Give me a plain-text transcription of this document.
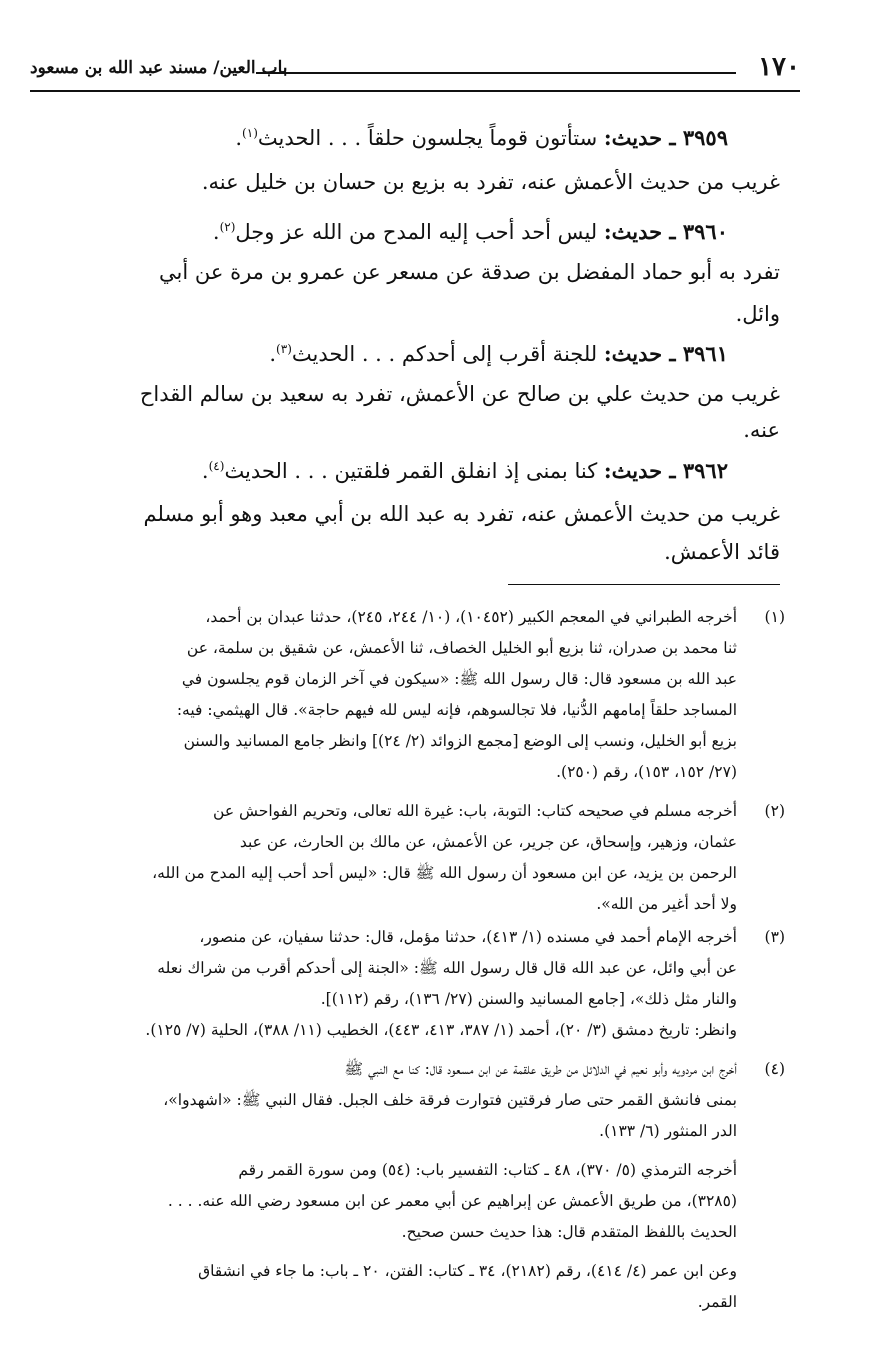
١٧٠
باب العين/ مسند عبد الله بن مسعود
٣٩٥٩ ـ حديث: ستأتون قوماً يجلسون حلقاً . . . الحديث$^{(١)}$.
غريب من حديث الأعمش عنه، تفرد به بزيع بن حسان بن خليل عنه.
٣٩٦٠ ـ حديث: ليس أحد أحب إليه المدح من الله عز وجل$^{(٢)}$.
تفرد به أبو حماد المفضل بن صدقة عن مسعر عن عمرو بن مرة عن أبي
وائل.
٣٩٦١ ـ حديث: للجنة أقرب إلى أحدكم . . . الحديث$^{(٣)}$.
غريب من حديث علي بن صالح عن الأعمش، تفرد به سعيد بن سالم القداح
عنه.
٣٩٦٢ ـ حديث: كنا بمنى إذ انفلق القمر فلقتين . . . الحديث$^{(٤)}$.
غريب من حديث الأعمش عنه، تفرد به عبد الله بن أبي معبد وهو أبو مسلم
قائد الأعمش.
(١)
أخرجه الطبراني في المعجم الكبير (١٠٤٥٢)، (١٠/ ٢٤٤، ٢٤٥)، حدثنا عبدان بن أحمد،
ثنا محمد بن صدران، ثنا بزيع أبو الخليل الخصاف، ثنا الأعمش، عن شقيق بن سلمة، عن
عبد الله بن مسعود قال: قال رسول الله ﷺ: «سيكون في آخر الزمان قوم يجلسون في
المساجد حلقاً إمامهم الدُّنيا، فلا تجالسوهم، فإنه ليس لله فيهم حاجة». قال الهيثمي: فيه:
بزيع أبو الخليل، ونسب إلى الوضع [مجمع الزوائد (٢/ ٢٤)] وانظر جامع المسانيد والسنن
(٢٧/ ١٥٢، ١٥٣)، رقم (٢٥٠).
(٢)
أخرجه مسلم في صحيحه كتاب: التوبة، باب: غيرة الله تعالى، وتحريم الفواحش عن
عثمان، وزهير، وإسحاق، عن جرير، عن الأعمش، عن مالك بن الحارث، عن عبد
الرحمن بن يزيد، عن ابن مسعود أن رسول الله ﷺ قال: «ليس أحد أحب إليه المدح من الله،
ولا أحد أغير من الله».
(٣)
أخرجه الإمام أحمد في مسنده (١/ ٤١٣)، حدثنا مؤمل، قال: حدثنا سفيان، عن منصور،
عن أبي وائل، عن عبد الله قال قال رسول الله ﷺ: «الجنة إلى أحدكم أقرب من شراك نعله
والنار مثل ذلك»، [جامع المسانيد والسنن (٢٧/ ١٣٦)، رقم (١١٢)].
وانظر: تاريخ دمشق (٣/ ٢٠)، أحمد (١/ ٣٨٧، ٤١٣، ٤٤٣)، الخطيب (١١/ ٣٨٨)، الحلية (٧/ ١٢٥).
(٤)
أخرج ابن مردويه وأبو نعيم في الدلائل من طريق علقمة عن ابن مسعود قال: كنا مع النبي ﷺ
بمنى فانشق القمر حتى صار فرقتين فتوارت فرقة خلف الجبل. فقال النبي ﷺ: «اشهدوا»،
الدر المنثور (٦/ ١٣٣).
أخرجه الترمذي (٥/ ٣٧٠)، ٤٨ ـ كتاب: التفسير باب: (٥٤) ومن سورة القمر رقم
(٣٢٨٥)، من طريق الأعمش عن إبراهيم عن أبي معمر عن ابن مسعود رضي الله عنه. . . .
الحديث باللفظ المتقدم قال: هذا حديث حسن صحيح.
وعن ابن عمر (٤/ ٤١٤)، رقم (٢١٨٢)، ٣٤ ـ كتاب: الفتن، ٢٠ ـ باب: ما جاء في انشقاق
القمر.
